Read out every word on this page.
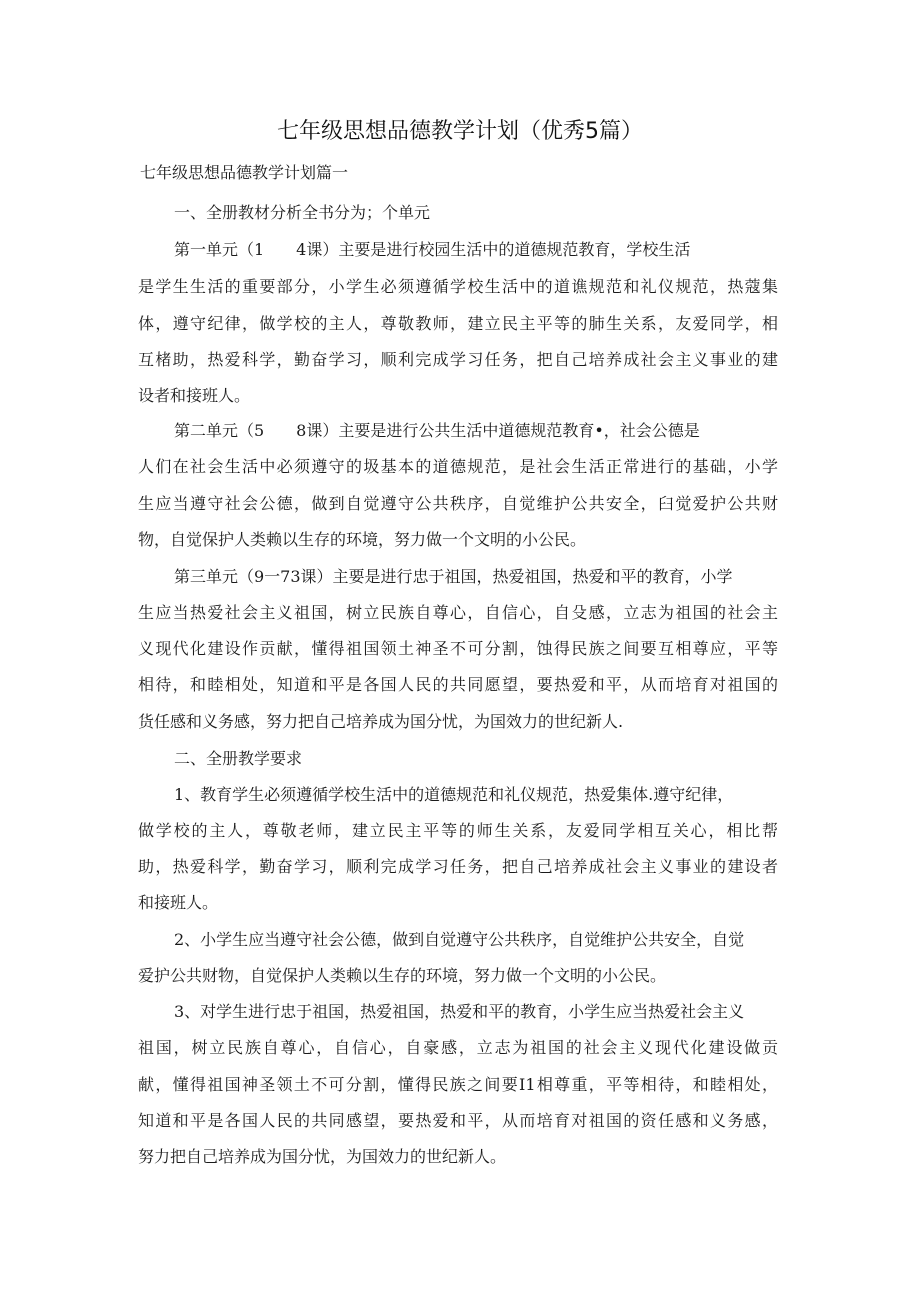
七年级思想品德教学计划（优秀5篇）
七年级思想品德教学计划篇一
一、全册教材分析全书分为；个单元
第一单元（1　　4课）主要是进行校园生活中的道德规范教育，学校生活
是学生生活的重要部分，小学生必须遵循学校生活中的道谯规范和礼仪规范，热蔻集
体，遵守纪律，做学校的主人，尊敬教师，建立民主平等的肺生关系，友爱同学，相
互楮助，热爱科学，勤奋学习，顺利完成学习任务，把自己培养成社会主义事业的建
设者和接班人。
第二单元（5　　8课）主要是进行公共生活中道德规范教育•，社会公德是
人们在社会生活中必须遵守的圾基本的道德规范，是社会生活正常进行的基础，小学
生应当遵守社会公德，做到自觉遵守公共秩序，自觉维护公共安全，臼觉爱护公共财
物，自觉保护人类赖以生存的环境，努力做一个文明的小公民。
第三单元（9一73课）主要是进行忠于祖国，热爱祖国，热爱和平的教育，小学
生应当热爱社会主义祖国，树立民族自尊心，自信心，自殳感，立志为祖国的社会主
义现代化建设作贡献，懂得祖国领土神圣不可分割，蚀得民族之间要互相尊应，平等
相待，和睦相处，知道和平是各国人民的共同愿望，要热爱和平，从而培育对祖国的
货任感和义务感，努力把自己培养成为国分忧，为国效力的世纪新人.
二、全册教学要求
1、教育学生必须遵循学校生活中的道德规范和礼仪规范，热爱集体.遵守纪律，
做学校的主人，尊敬老师，建立民主平等的师生关系，友爱同学相互关心，相比帮
助，热爱科学，勤奋学习，顺利完成学习任务，把自己培养成社会主义事业的建设者
和接班人。
2、小学生应当遵守社会公德，做到自觉遵守公共秩序，自觉维护公共安全，自觉
爱护公共财物，自觉保护人类赖以生存的环境，努力做一个文明的小公民。
3、对学生进行忠于祖国，热爱祖国，热爱和平的教育，小学生应当热爱社会主义
祖国，树立民族自尊心，自信心，自豪感，立志为祖国的社会主义现代化建设做贡
献，懂得祖国神圣领土不可分割，懂得民族之间要I1相尊重，平等相待，和睦相处，
知道和平是各国人民的共同感望，要热爱和平，从而培育对祖国的资任感和义务感，
努力把自己培养成为国分忧，为国效力的世纪新人。
